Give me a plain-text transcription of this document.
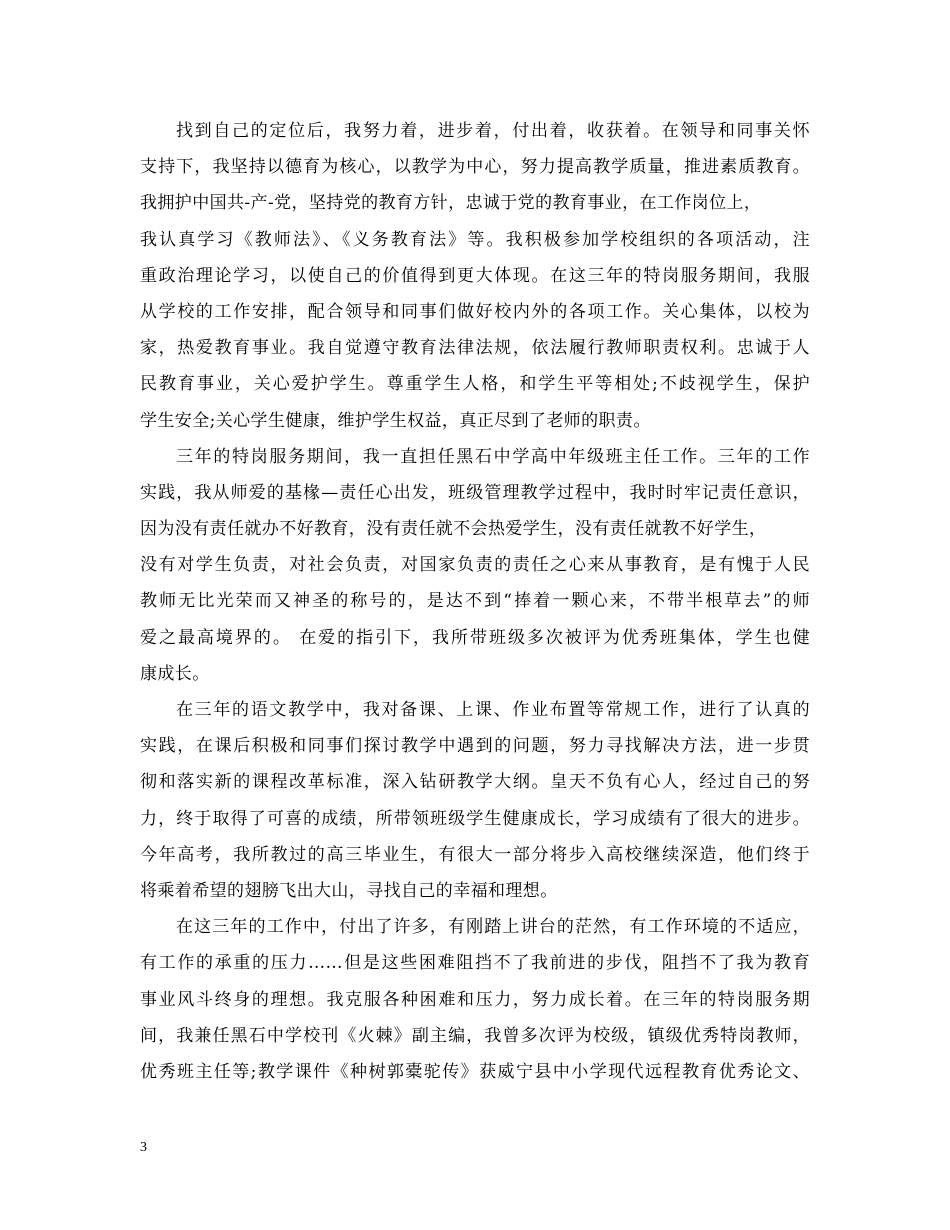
找到自己的定位后，我努力着，进步着，付出着，收获着。在领导和同事关怀
支持下，我坚持以德育为核心，以教学为中心，努力提高教学质量，推进素质教育。
我拥护中国共-产-党，坚持党的教育方针，忠诚于党的教育事业，在工作岗位上，
我认真学习《教师法》、《义务教育法》等。我积极参加学校组织的各项活动，注
重政治理论学习，以使自己的价值得到更大体现。在这三年的特岗服务期间，我服
从学校的工作安排，配合领导和同事们做好校内外的各项工作。关心集体，以校为
家，热爱教育事业。我自觉遵守教育法律法规，依法履行教师职责权利。忠诚于人
民教育事业，关心爱护学生。尊重学生人格，和学生平等相处;不歧视学生，保护
学生安全;关心学生健康，维护学生权益，真正尽到了老师的职责。
三年的特岗服务期间，我一直担任黑石中学高中年级班主任工作。三年的工作
实践，我从师爱的基椽—责任心出发，班级管理教学过程中，我时时牢记责任意识，
因为没有责任就办不好教育，没有责任就不会热爱学生，没有责任就教不好学生，
没有对学生负责，对社会负责，对国家负责的责任之心来从事教育，是有愧于人民
教师无比光荣而又神圣的称号的，是达不到“捧着一颗心来，不带半根草去”的师
爱之最高境界的。 在爱的指引下，我所带班级多次被评为优秀班集体，学生也健
康成长。
在三年的语文教学中，我对备课、上课、作业布置等常规工作，进行了认真的
实践，在课后积极和同事们探讨教学中遇到的问题，努力寻找解决方法，进一步贯
彻和落实新的课程改革标准，深入钻研教学大纲。皇天不负有心人，经过自己的努
力，终于取得了可喜的成绩，所带领班级学生健康成长，学习成绩有了很大的进步。
今年高考，我所教过的高三毕业生，有很大一部分将步入高校继续深造，他们终于
将乘着希望的翅膀飞出大山，寻找自己的幸福和理想。
在这三年的工作中，付出了许多，有刚踏上讲台的茫然，有工作环境的不适应，
有工作的承重的压力……但是这些困难阻挡不了我前进的步伐，阻挡不了我为教育
事业风斗终身的理想。我克服各种困难和压力，努力成长着。在三年的特岗服务期
间，我兼任黑石中学校刊《火棘》副主编，我曾多次评为校级，镇级优秀特岗教师，
优秀班主任等;教学课件《种树郭橐驼传》获威宁县中小学现代远程教育优秀论文、
3
